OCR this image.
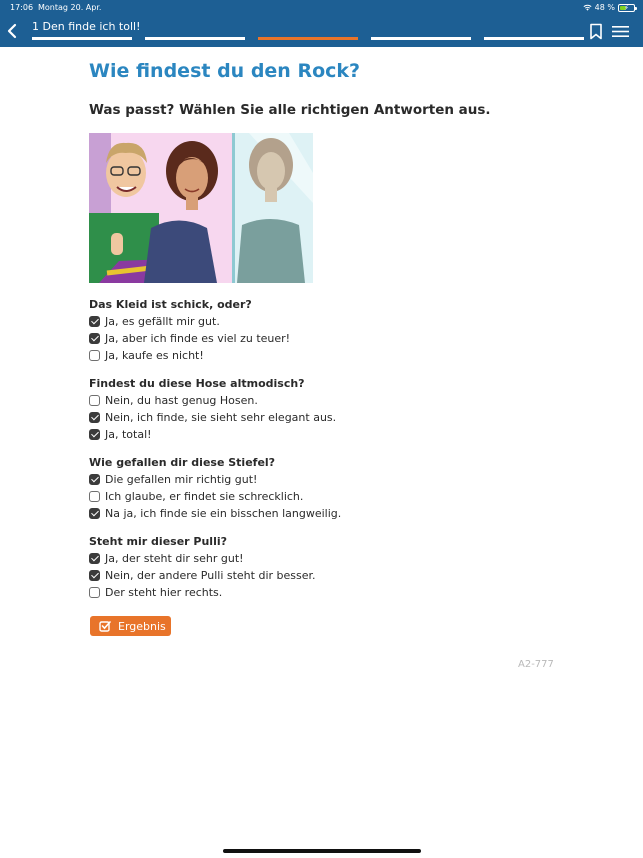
17:06 Montag 20. Apr.	48 % ⚡
1 Den finde ich toll!
Wie findest du den Rock?
Was passt? Wählen Sie alle richtigen Antworten aus.
Das Kleid ist schick, oder?
Ja, es gefällt mir gut.
Ja, aber ich finde es viel zu teuer!
Ja, kaufe es nicht!
Findest du diese Hose altmodisch?
Nein, du hast genug Hosen.
Nein, ich finde, sie sieht sehr elegant aus.
Ja, total!
Wie gefallen dir diese Stiefel?
Die gefallen mir richtig gut!
Ich glaube, er findet sie schrecklich.
Na ja, ich finde sie ein bisschen langweilig.
Steht mir dieser Pulli?
Ja, der steht dir sehr gut!
Nein, der andere Pulli steht dir besser.
Der steht hier rechts.
Ergebnis
A2-777
